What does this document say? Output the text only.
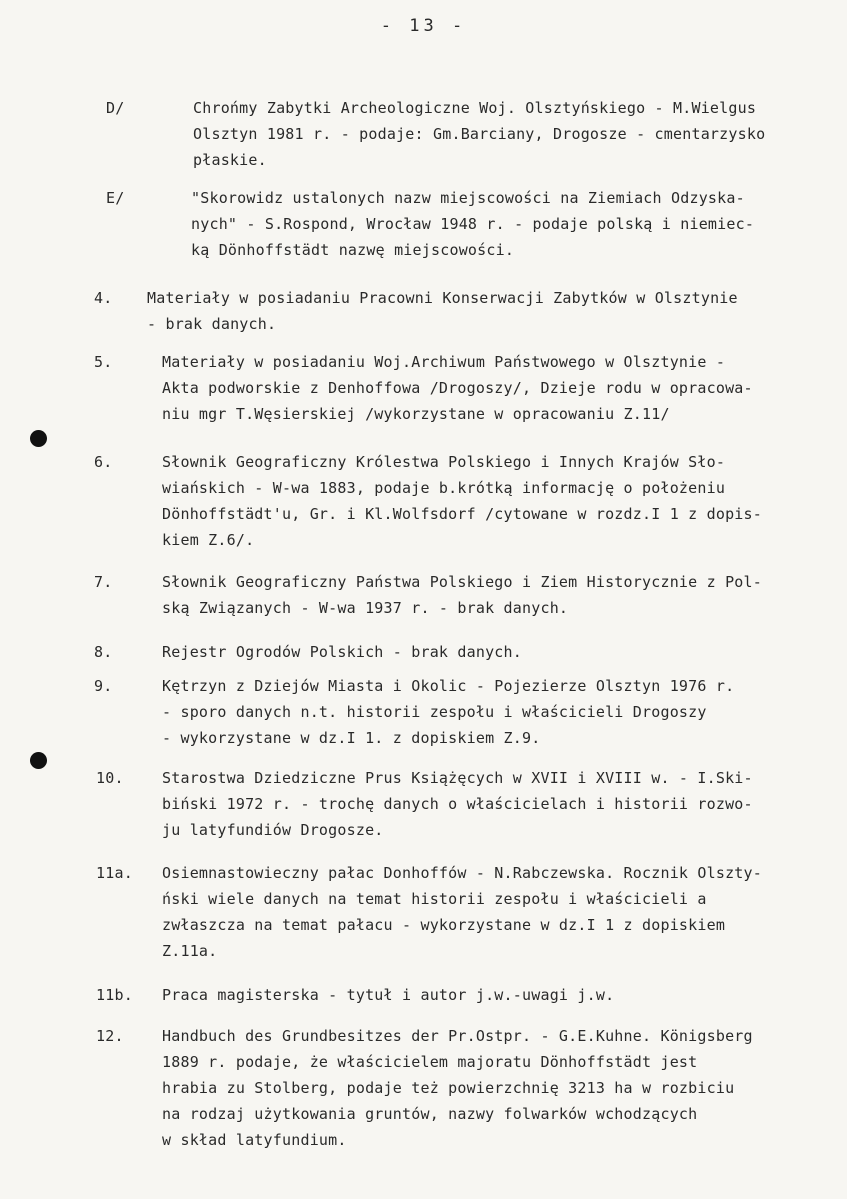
- 13 -
D/	Chrońmy Zabytki Archeologiczne Woj. Olsztyńskiego - M.Wielgus
Olsztyn 1981 r. - podaje: Gm.Barciany, Drogosze - cmentarzysko
płaskie.
E/	"Skorowidz ustalonych nazw miejscowości na Ziemiach Odzyska-
nych" - S.Rospond, Wrocław 1948 r. - podaje polską i niemiec-
ką Dönhoffstädt nazwę miejscowości.
4.	Materiały w posiadaniu Pracowni Konserwacji Zabytków w Olsztynie
- brak danych.
5.	Materiały w posiadaniu Woj.Archiwum Państwowego w Olsztynie -
Akta podworskie z Denhoffowa /Drogoszy/, Dzieje rodu w opracowa-
niu mgr T.Węsierskiej /wykorzystane w opracowaniu Z.11/
6.	Słownik Geograficzny Królestwa Polskiego i Innych Krajów Sło-
wiańskich - W-wa 1883, podaje b.krótką informację o położeniu
Dönhoffstädt'u, Gr. i Kl.Wolfsdorf /cytowane w rozdz.I 1 z dopis-
kiem Z.6/.
7.	Słownik Geograficzny Państwa Polskiego i Ziem Historycznie z Pol-
ską Związanych - W-wa 1937 r. - brak danych.
8.	Rejestr Ogrodów Polskich - brak danych.
9.	Kętrzyn z Dziejów Miasta i Okolic - Pojezierze Olsztyn 1976 r.
- sporo danych n.t. historii zespołu i właścicieli Drogoszy
- wykorzystane w dz.I 1. z dopiskiem Z.9.
10.	Starostwa Dziedziczne Prus Książęcych w XVII i XVIII w. - I.Ski-
biński 1972 r. - trochę danych o właścicielach i historii rozwo-
ju latyfundiów Drogosze.
11a.	Osiemnastowieczny pałac Donhoffów - N.Rabczewska. Rocznik Olszty-
ński wiele danych na temat historii zespołu i właścicieli a
zwłaszcza na temat pałacu - wykorzystane w dz.I 1 z dopiskiem
Z.11a.
11b.	Praca magisterska - tytuł i autor j.w.-uwagi j.w.
12.	Handbuch des Grundbesitzes der Pr.Ostpr. - G.E.Kuhne. Königsberg
1889 r. podaje, że właścicielem majoratu Dönhoffstädt jest
hrabia zu Stolberg, podaje też powierzchnię 3213 ha w rozbiciu
na rodzaj użytkowania gruntów, nazwy folwarków wchodzących
w skład latyfundium.
